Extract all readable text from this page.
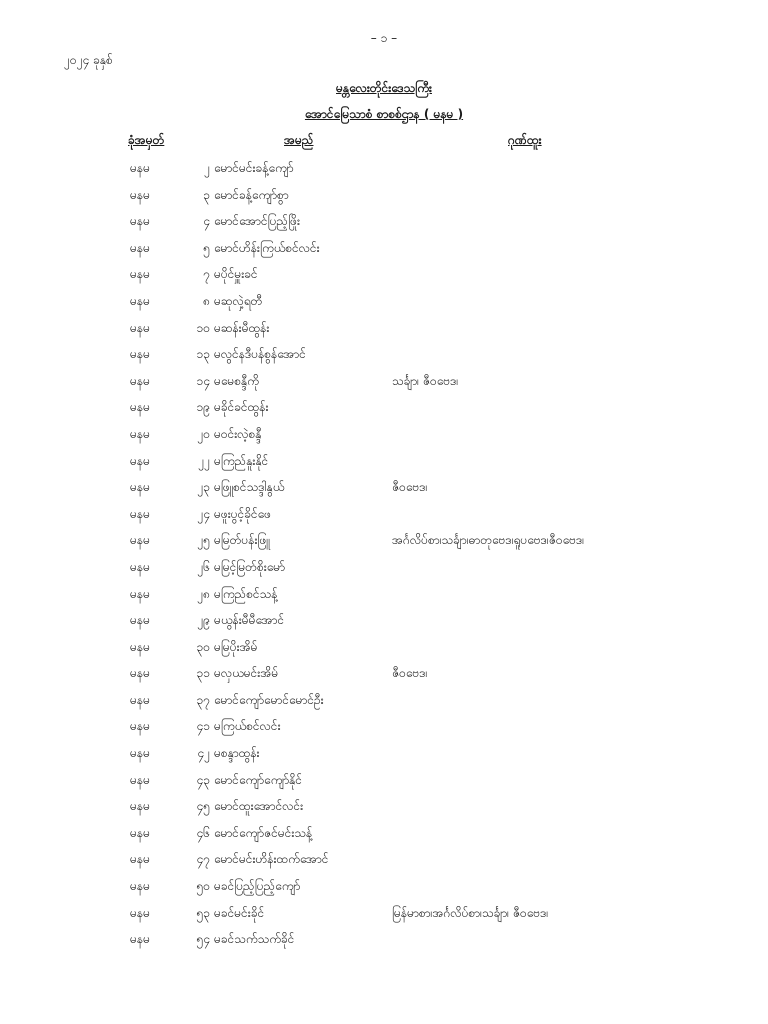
– ၁ –
၂၀၂၄ ခုနှစ်
မန္တလေးတိုင်းဒေသကြီး
အောင်မြေသာစံ စာစစ်ဌာန ( မနမ )
ခုံအမှတ်	အမည်	ဂုဏ်ထူး
မနမ	၂ မောင်မင်းခန့်ကျော်
မနမ	၃ မောင်ခန့်ကျော်စွာ
မနမ	၄ မောင်အောင်ပြည့်ဖြိုး
မနမ	၅ မောင်ဟိန်းကြယ်စင်လင်း
မနမ	၇ မပိုင်မှူးခင်
မနမ	၈ မဆုလှဲ့ရတီ
မနမ	၁၀ မဆန်းမီထွန်း
မနမ	၁၃ မလွင်နဒီပန်စွန်အောင်
မနမ	၁၄ မမေစန္ဒီကို	သင်္ချာ၊ ဇီဝဗေဒ၊
မနမ	၁၉ မခိုင်ခင်ထွန်း
မနမ	၂၀ မဝင်းလဲ့စန္ဒီ
မနမ	၂၂ မကြည်နူးနိုင်
မနမ	၂၃ မဖြူစင်သဒ္ဒါနွယ်	ဇီဝဗေဒ၊
မနမ	၂၄ မဖူးပွင့်ခိုင်ဖေ
မနမ	၂၅ မမြတ်ပန်းဖြူ	အင်္ဂလိပ်စာ၊သင်္ချာ၊ဓာတုဗေဒ၊ရူပဗေဒ၊ဇီဝဗေဒ၊
မနမ	၂၆ မမြင့်မြတ်စိုးမော်
မနမ	၂၈ မကြည်စင်သန့်
မနမ	၂၉ မယွန်းမီမီအောင်
မနမ	၃၀ မမြပိုးအိမ်
မနမ	၃၁ မလှယမင်းအိမ်	ဇီဝဗေဒ၊
မနမ	၃၇ မောင်ကျော်မောင်မောင်ဦး
မနမ	၄၁ မကြယ်စင်လင်း
မနမ	၄၂ မစန္ဒာထွန်း
မနမ	၄၃ မောင်ကျော်ကျော်နိုင်
မနမ	၄၅ မောင်ထူးအောင်လင်း
မနမ	၄၆ မောင်ကျော်ဇင်မင်းသန့်
မနမ	၄၇ မောင်မင်းဟိန်းထက်အောင်
မနမ	၅၀ မခင်ပြည့်ပြည့်ကျော်
မနမ	၅၃ မခင်မင်းခိုင်	မြန်မာစာ၊အင်္ဂလိပ်စာ၊သင်္ချာ၊ ဇီဝဗေဒ၊
မနမ	၅၄ မခင်သက်သက်ခိုင်
